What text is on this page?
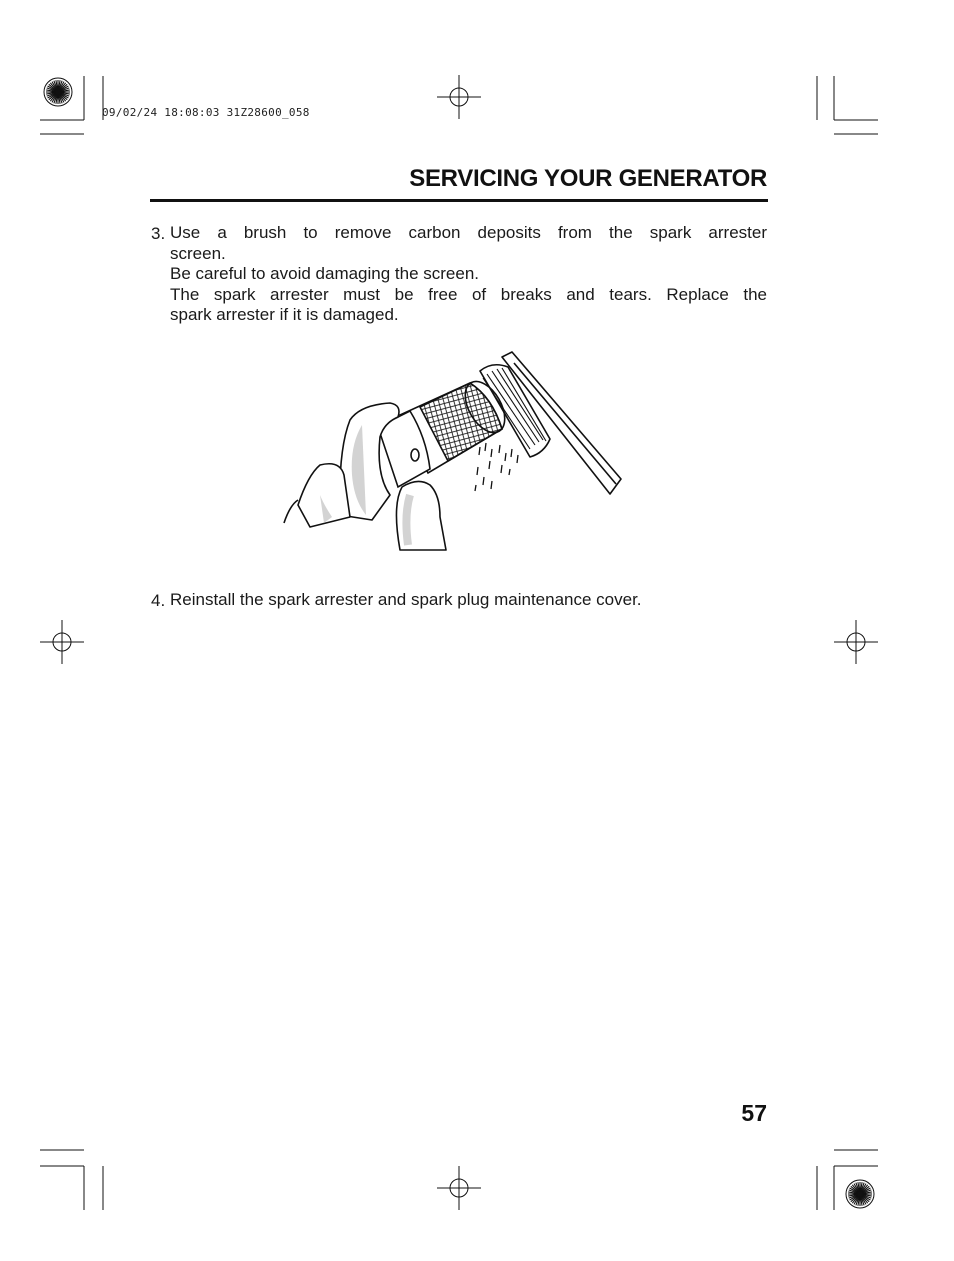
09/02/24 18:08:03 31Z28600_058
SERVICING YOUR GENERATOR
3. Use a brush to remove carbon deposits from the spark arrester

screen.

Be careful to avoid damaging the screen.

The spark arrester must be free of breaks and tears. Replace the

spark arrester if it is damaged.

4. Reinstall the spark arrester and spark plug maintenance cover.

57
